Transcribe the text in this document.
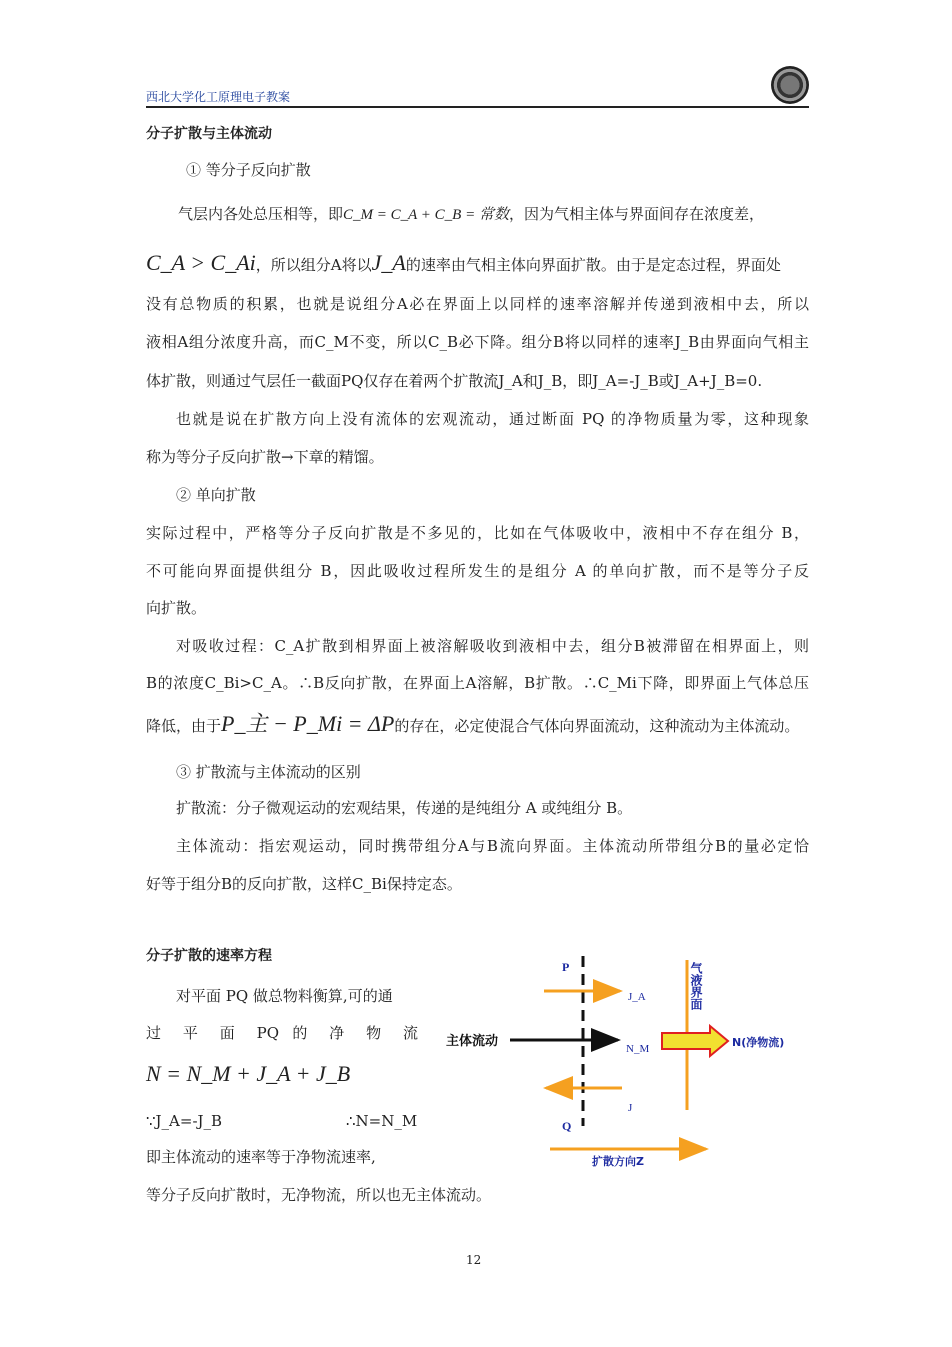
西北大学化工原理电子教案
分子扩散与主体流动
① 等分子反向扩散
气层内各处总压相等，即C_M = C_A + C_B = 常数，因为气相主体与界面间存在浓度差，
C_A > C_Ai，所以组分A将以J_A的速率由气相主体向界面扩散。由于是定态过程，界面处
没有总物质的积累，也就是说组分A必在界面上以同样的速率溶解并传递到液相中去，所以
液相A组分浓度升高，而C_M不变，所以C_B必下降。组分B将以同样的速率J_B由界面向气相主
体扩散，则通过气层任一截面PQ仅存在着两个扩散流J_A和J_B，即J_A=-J_B或J_A+J_B=0.
也就是说在扩散方向上没有流体的宏观流动，通过断面 PQ 的净物质量为零，这种现象
称为等分子反向扩散→下章的精馏。
② 单向扩散
实际过程中，严格等分子反向扩散是不多见的，比如在气体吸收中，液相中不存在组分 B，
不可能向界面提供组分 B，因此吸收过程所发生的是组分 A 的单向扩散，而不是等分子反
向扩散。
对吸收过程：C_A扩散到相界面上被溶解吸收到液相中去，组分B被滞留在相界面上，则
B的浓度C_Bi>C_A。∴B反向扩散，在界面上A溶解，B扩散。∴C_Mi下降，即界面上气体总压
降低，由于P_主 − P_Mi = ΔP的存在，必定使混合气体向界面流动，这种流动为主体流动。
③ 扩散流与主体流动的区别
扩散流：分子微观运动的宏观结果，传递的是纯组分 A 或纯组分 B。
主体流动：指宏观运动，同时携带组分A与B流向界面。主体流动所带组分B的量必定恰
好等于组分B的反向扩散，这样C_Bi保持定态。
分子扩散的速率方程
对平面 PQ 做总物料衡算,可的通
过 平 面 PQ 的 净 物 流
N = N_M + J_A + J_B
∵J_A=-J_B	∴N=N_M
即主体流动的速率等于净物流速率,
等分子反向扩散时，无净物流，所以也无主体流动。
P
Q
J_A
主体流动	N_M
J
气液界面
N(净物流)
扩散方向Z
12
